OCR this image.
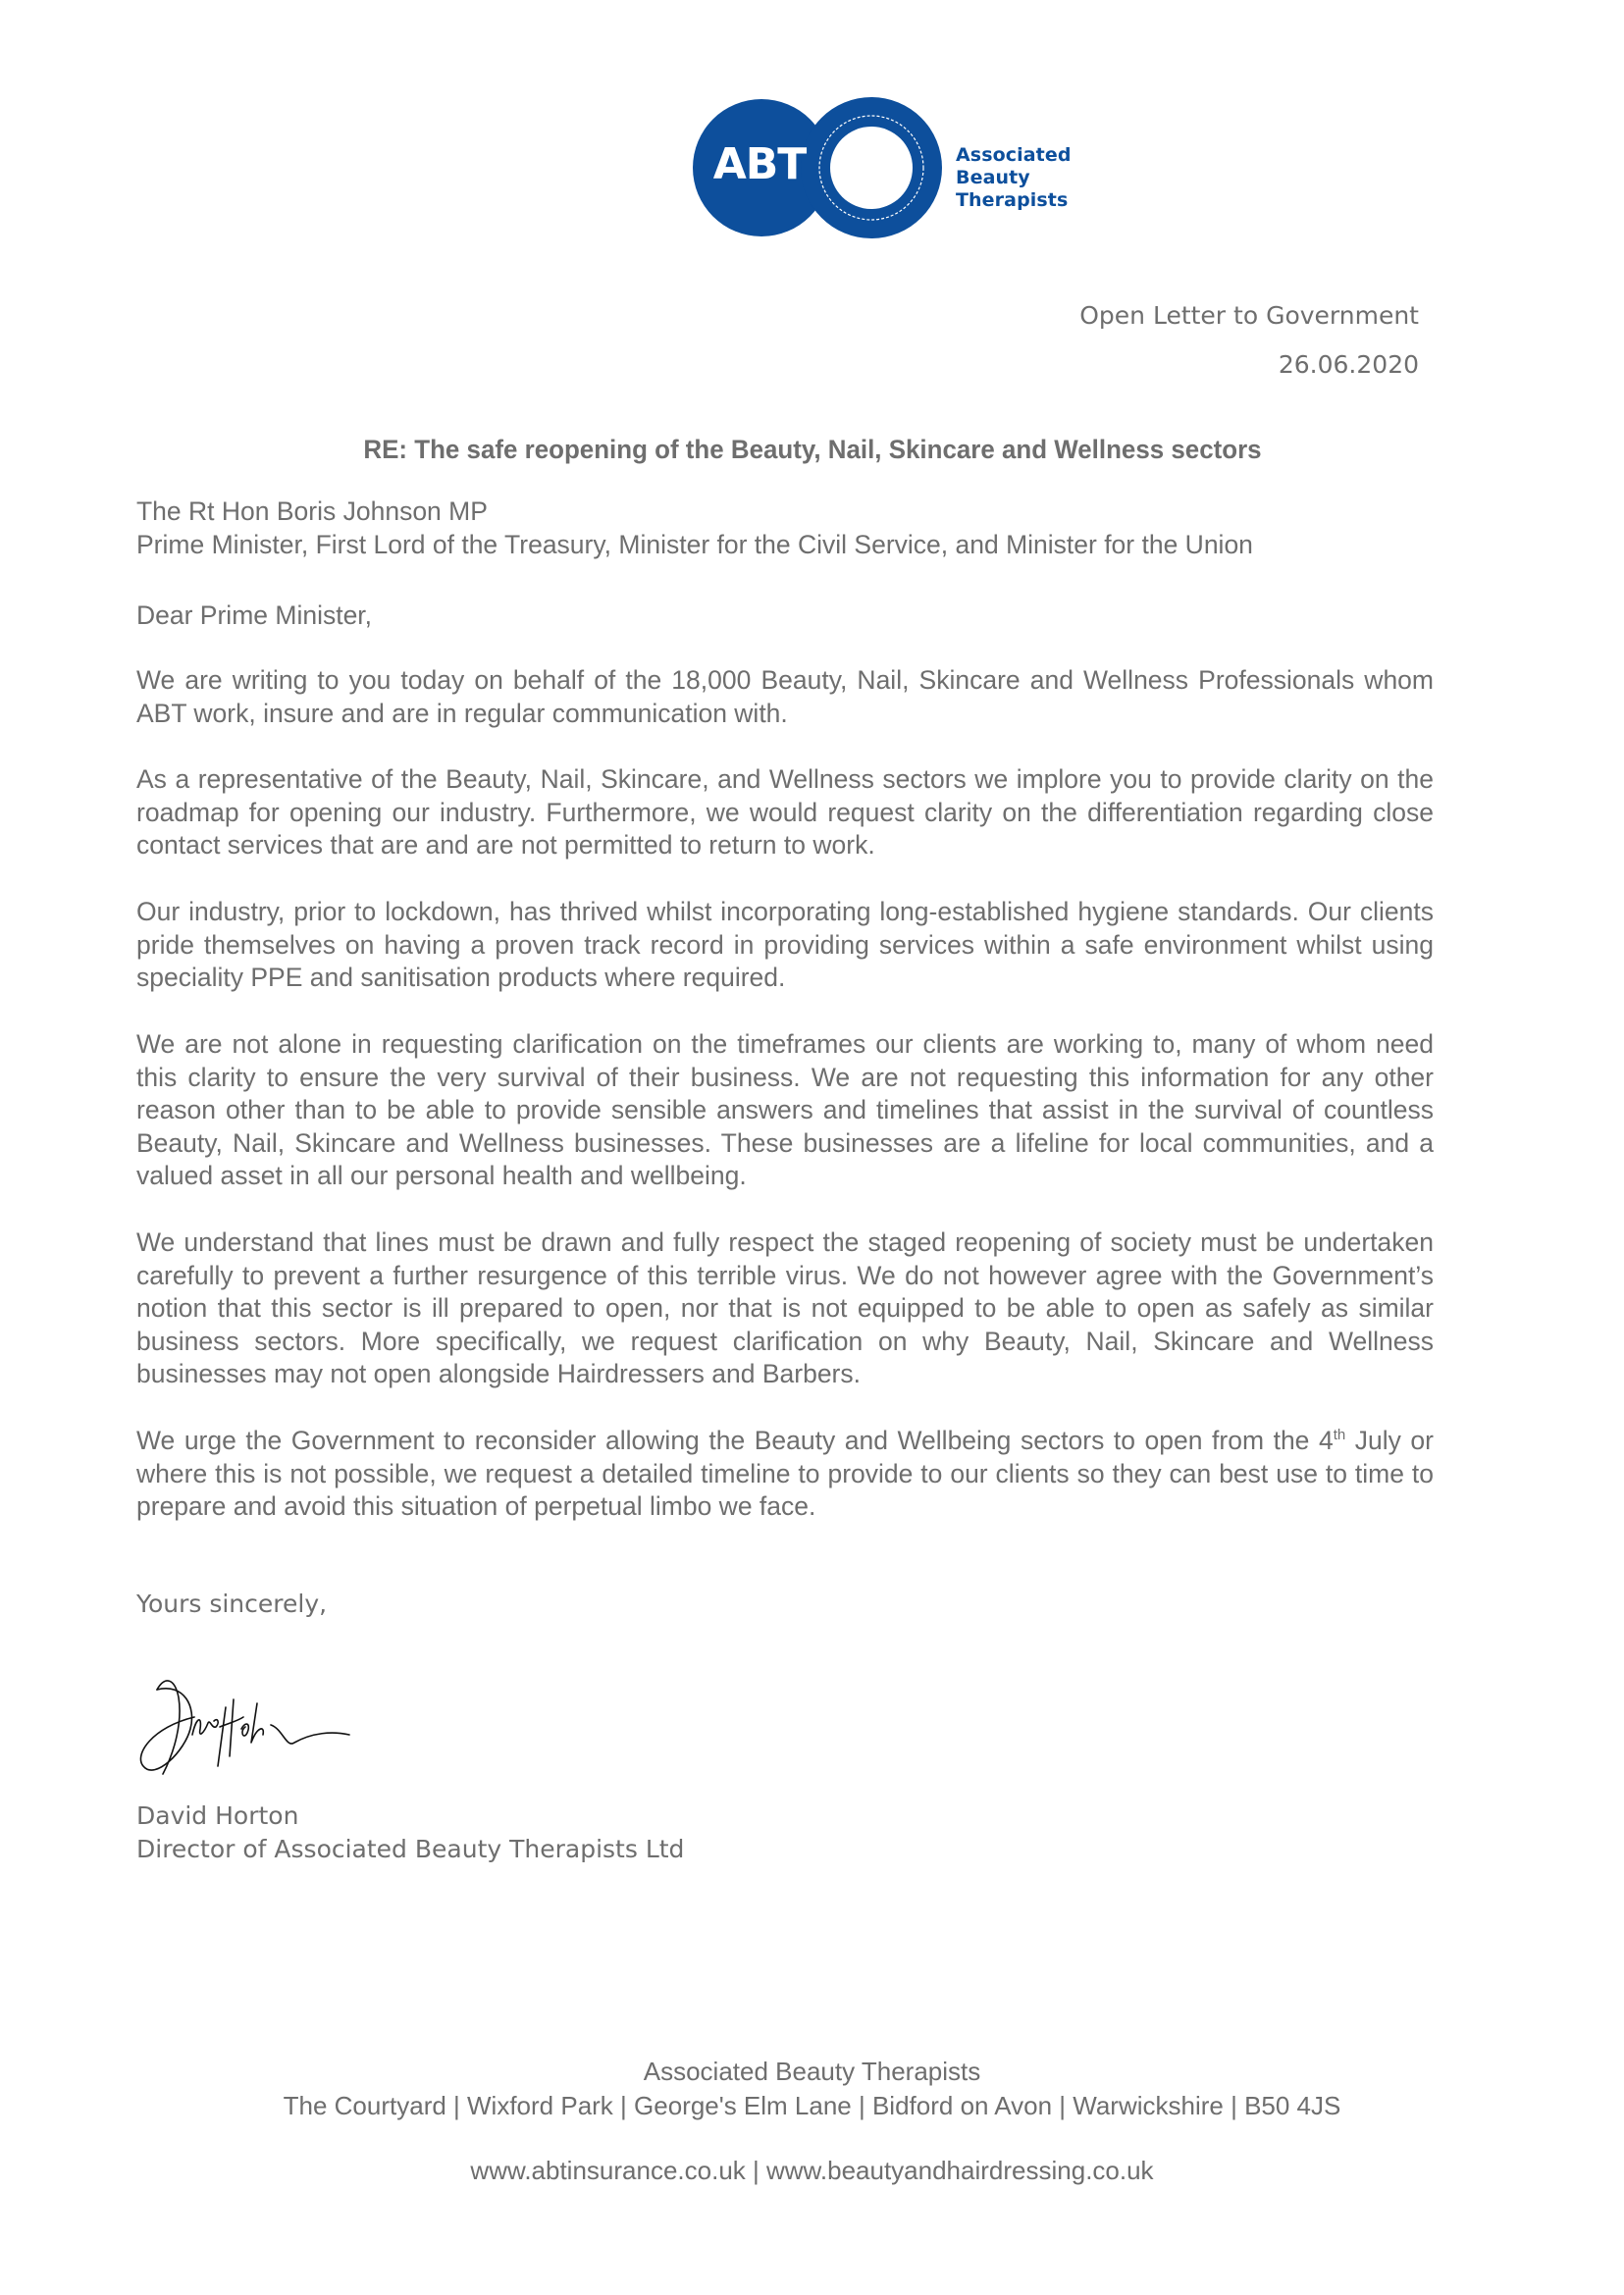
ABT	Associated
Beauty Therapists
Open Letter to Government
26.06.2020
RE: The safe reopening of the Beauty, Nail, Skincare and Wellness sectors
The Rt Hon Boris Johnson MP
Prime Minister, First Lord of the Treasury, Minister for the Civil Service, and Minister for the Union
Dear Prime Minister,

We are writing to you today on behalf of the 18,000 Beauty, Nail, Skincare and Wellness Professionals whom ABT work, insure and are in regular communication with.

As a representative of the Beauty, Nail, Skincare, and Wellness sectors we implore you to provide clarity on the roadmap for opening our industry. Furthermore, we would request clarity on the differentiation regarding close contact services that are and are not permitted to return to work.

Our industry, prior to lockdown, has thrived whilst incorporating long-established hygiene standards. Our clients pride themselves on having a proven track record in providing services within a safe environment whilst using speciality PPE and sanitisation products where required.

We are not alone in requesting clarification on the timeframes our clients are working to, many of whom need this clarity to ensure the very survival of their business. We are not requesting this information for any other reason other than to be able to provide sensible answers and timelines that assist in the survival of countless Beauty, Nail, Skincare and Wellness businesses. These businesses are a lifeline for local communities, and a valued asset in all our personal health and wellbeing.

We understand that lines must be drawn and fully respect the staged reopening of society must be undertaken carefully to prevent a further resurgence of this terrible virus. We do not however agree with the Government’s notion that this sector is ill prepared to open, nor that is not equipped to be able to open as safely as similar business sectors. More specifically, we request clarification on why Beauty, Nail, Skincare and Wellness businesses may not open alongside Hairdressers and Barbers.

We urge the Government to reconsider allowing the Beauty and Wellbeing sectors to open from the 4th July or where this is not possible, we request a detailed timeline to provide to our clients so they can best use to time to prepare and avoid this situation of perpetual limbo we face.

Yours sincerely,
David Horton
Director of Associated Beauty Therapists Ltd
Associated Beauty Therapists
The Courtyard | Wixford Park | George's Elm Lane | Bidford on Avon | Warwickshire | B50 4JS
www.abtinsurance.co.uk | www.beautyandhairdressing.co.uk
